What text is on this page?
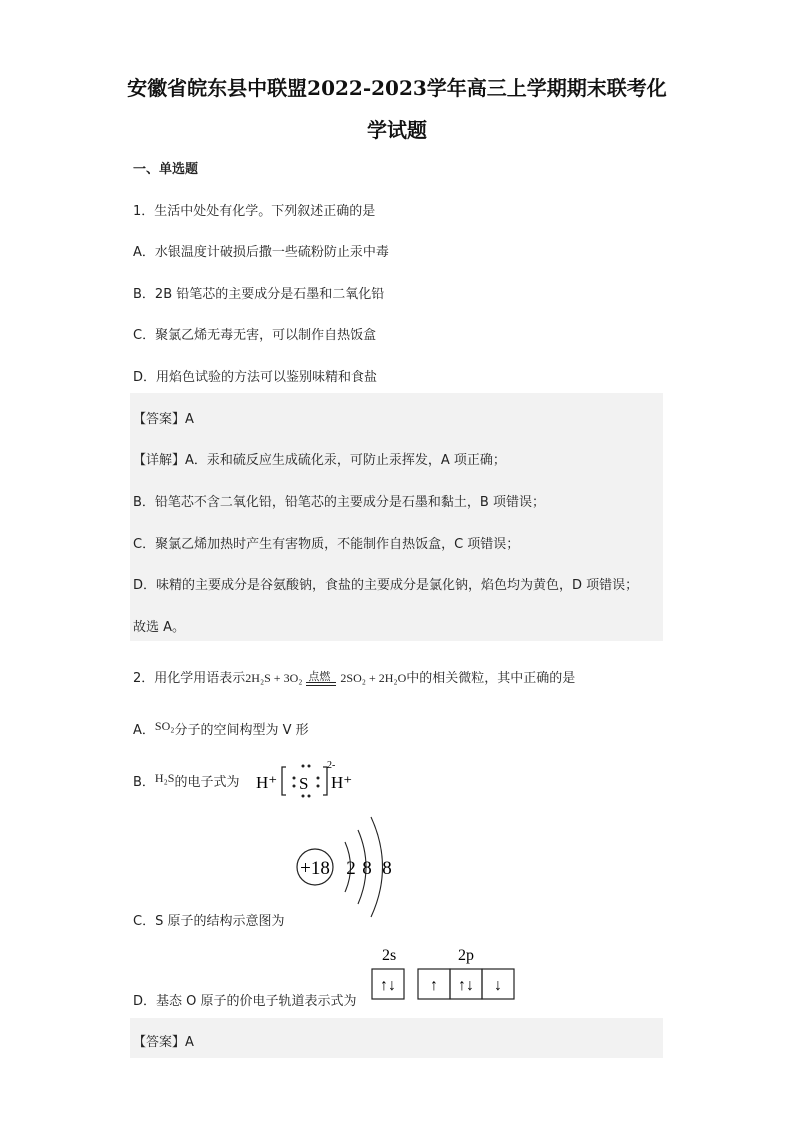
安徽省皖东县中联盟2022-2023学年高三上学期期末联考化
学试题
一、单选题
1．生活中处处有化学。下列叙述正确的是
A．水银温度计破损后撒一些硫粉防止汞中毒
B．2B 铅笔芯的主要成分是石墨和二氧化铅
C．聚氯乙烯无毒无害，可以制作自热饭盒
D．用焰色试验的方法可以鉴别味精和食盐
【答案】A
【详解】A．汞和硫反应生成硫化汞，可防止汞挥发，A 项正确；
B．铅笔芯不含二氧化铅，铅笔芯的主要成分是石墨和黏土，B 项错误；
C．聚氯乙烯加热时产生有害物质，不能制作自热饭盒，C 项错误；
D．味精的主要成分是谷氨酸钠，食盐的主要成分是氯化钠，焰色均为黄色，D 项错误；
故选 A。
2．用化学用语表示2H₂S + 3O₂ 点燃 2SO₂ + 2H₂O中的相关微粒，其中正确的是
A．SO₂分子的空间构型为 V 形
B．H₂S的电子式为 H⁺ S
2-
H⁺
+18 2 8 8
C．S 原子的结构示意图为
D．基态 O 原子的价电子轨道表示式为
2s	2p
↑↓ ↑ ↑↓ ↓
【答案】A
